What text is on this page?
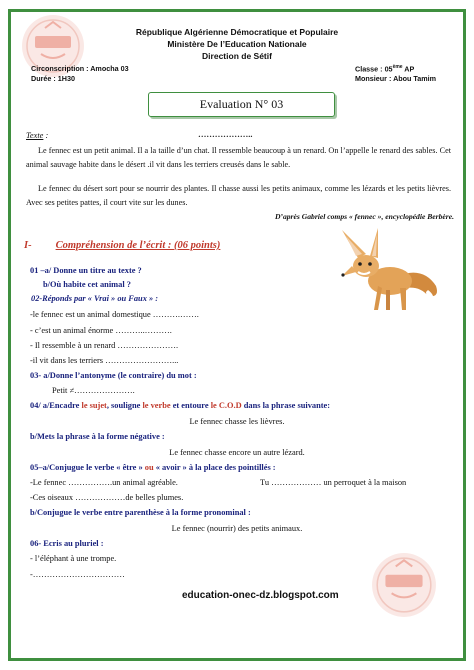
République Algérienne Démocratique et Populaire
Ministère De l’Education Nationale
Direction de Sétif
Circonscription : Amocha 03
Durée : 1H30
Classe : 05ème AP
Monsieur : Abou Tamim
Evaluation N° 03
Texte :	………………..
Le fennec est un petit animal. Il a la taille d’un chat. Il ressemble beaucoup à un renard. On l’appelle le renard des sables. Cet animal sauvage habite dans le désert .il vit dans les terriers creusés dans le sable.
Le fennec du désert sort pour se nourrir des plantes. Il chasse aussi les petits animaux, comme les lézards et les petits lièvres. Avec ses petites pattes, il court vite sur les dunes.
D’après Gabriel comps « fennec », encyclopédie Berbère.
I- Compréhension de l’écrit : (06 points)
01 –a/ Donne un titre au texte ?
b/Où habite cet animal ?
02-Réponds par « Vrai » ou Faux » :
-le fennec est un animal domestique ……….…….
- c’est un animal énorme ………..……….
- Il ressemble à un renard ………………….
-il vit dans les terriers ……………………...
03- a/Donne l’antonyme (le contraire) du mot :
Petit ≠………………….
04/ a/Encadre le sujet, souligne le verbe et entoure le C.O.D dans la phrase suivante:
Le fennec chasse les lièvres.
b/Mets la phrase à la forme négative :
Le fennec chasse encore un autre lézard.
05–a/Conjugue le verbe « être » ou « avoir » à la place des pointillés :
-Le fennec …………….un animal agréable.	Tu ……………… un perroquet à la maison
-Ces oiseaux ………………de belles plumes.
b/Conjugue le verbe entre parenthèse à la forme pronominal :
Le fennec (nourrir) des petits animaux.
06- Ecris au pluriel :
- l’éléphant à une trompe.
-……………………………
education-onec-dz.blogspot.com
